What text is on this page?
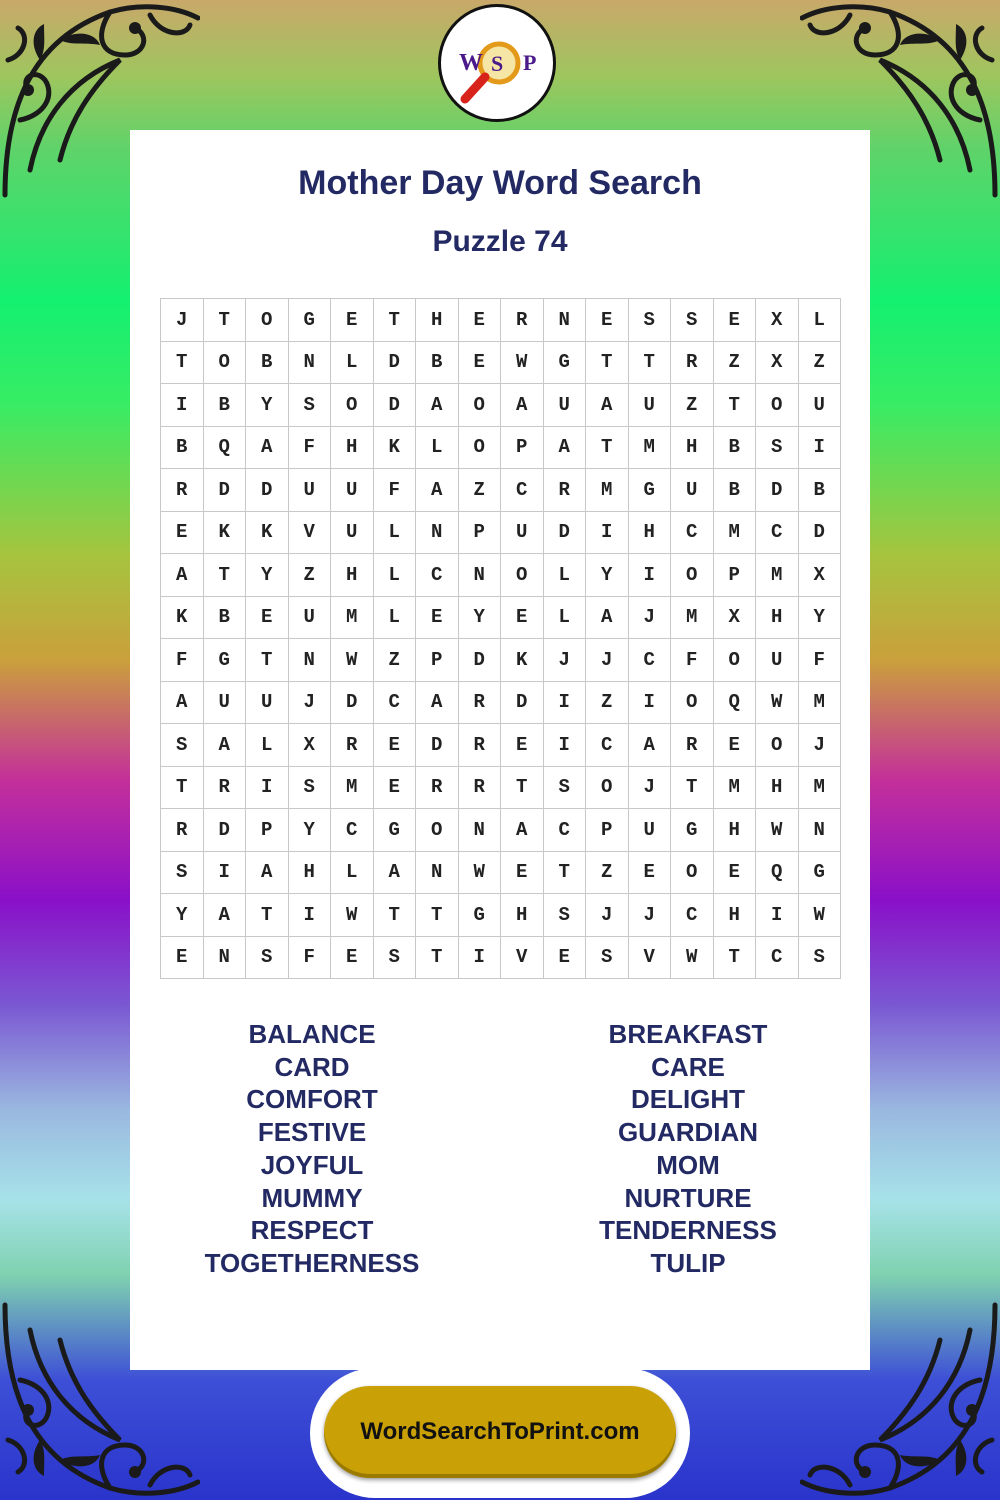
W S P
Mother Day Word Search
Puzzle 74
J	T	O	G	E	T	H	E	R	N	E	S	S	E	X	L
T	O	B	N	L	D	B	E	W	G	T	T	R	Z	X	Z
I	B	Y	S	O	D	A	O	A	U	A	U	Z	T	O	U
B	Q	A	F	H	K	L	O	P	A	T	M	H	B	S	I
R	D	D	U	U	F	A	Z	C	R	M	G	U	B	D	B
E	K	K	V	U	L	N	P	U	D	I	H	C	M	C	D
A	T	Y	Z	H	L	C	N	O	L	Y	I	O	P	M	X
K	B	E	U	M	L	E	Y	E	L	A	J	M	X	H	Y
F	G	T	N	W	Z	P	D	K	J	J	C	F	O	U	F
A	U	U	J	D	C	A	R	D	I	Z	I	O	Q	W	M
S	A	L	X	R	E	D	R	E	I	C	A	R	E	O	J
T	R	I	S	M	E	R	R	T	S	O	J	T	M	H	M
R	D	P	Y	C	G	O	N	A	C	P	U	G	H	W	N
S	I	A	H	L	A	N	W	E	T	Z	E	O	E	Q	G
Y	A	T	I	W	T	T	G	H	S	J	J	C	H	I	W
E	N	S	F	E	S	T	I	V	E	S	V	W	T	C	S
BALANCE
CARD
COMFORT
FESTIVE
JOYFUL
MUMMY
RESPECT
TOGETHERNESS
BREAKFAST
CARE
DELIGHT
GUARDIAN
MOM
NURTURE
TENDERNESS
TULIP
WordSearchToPrint.com
